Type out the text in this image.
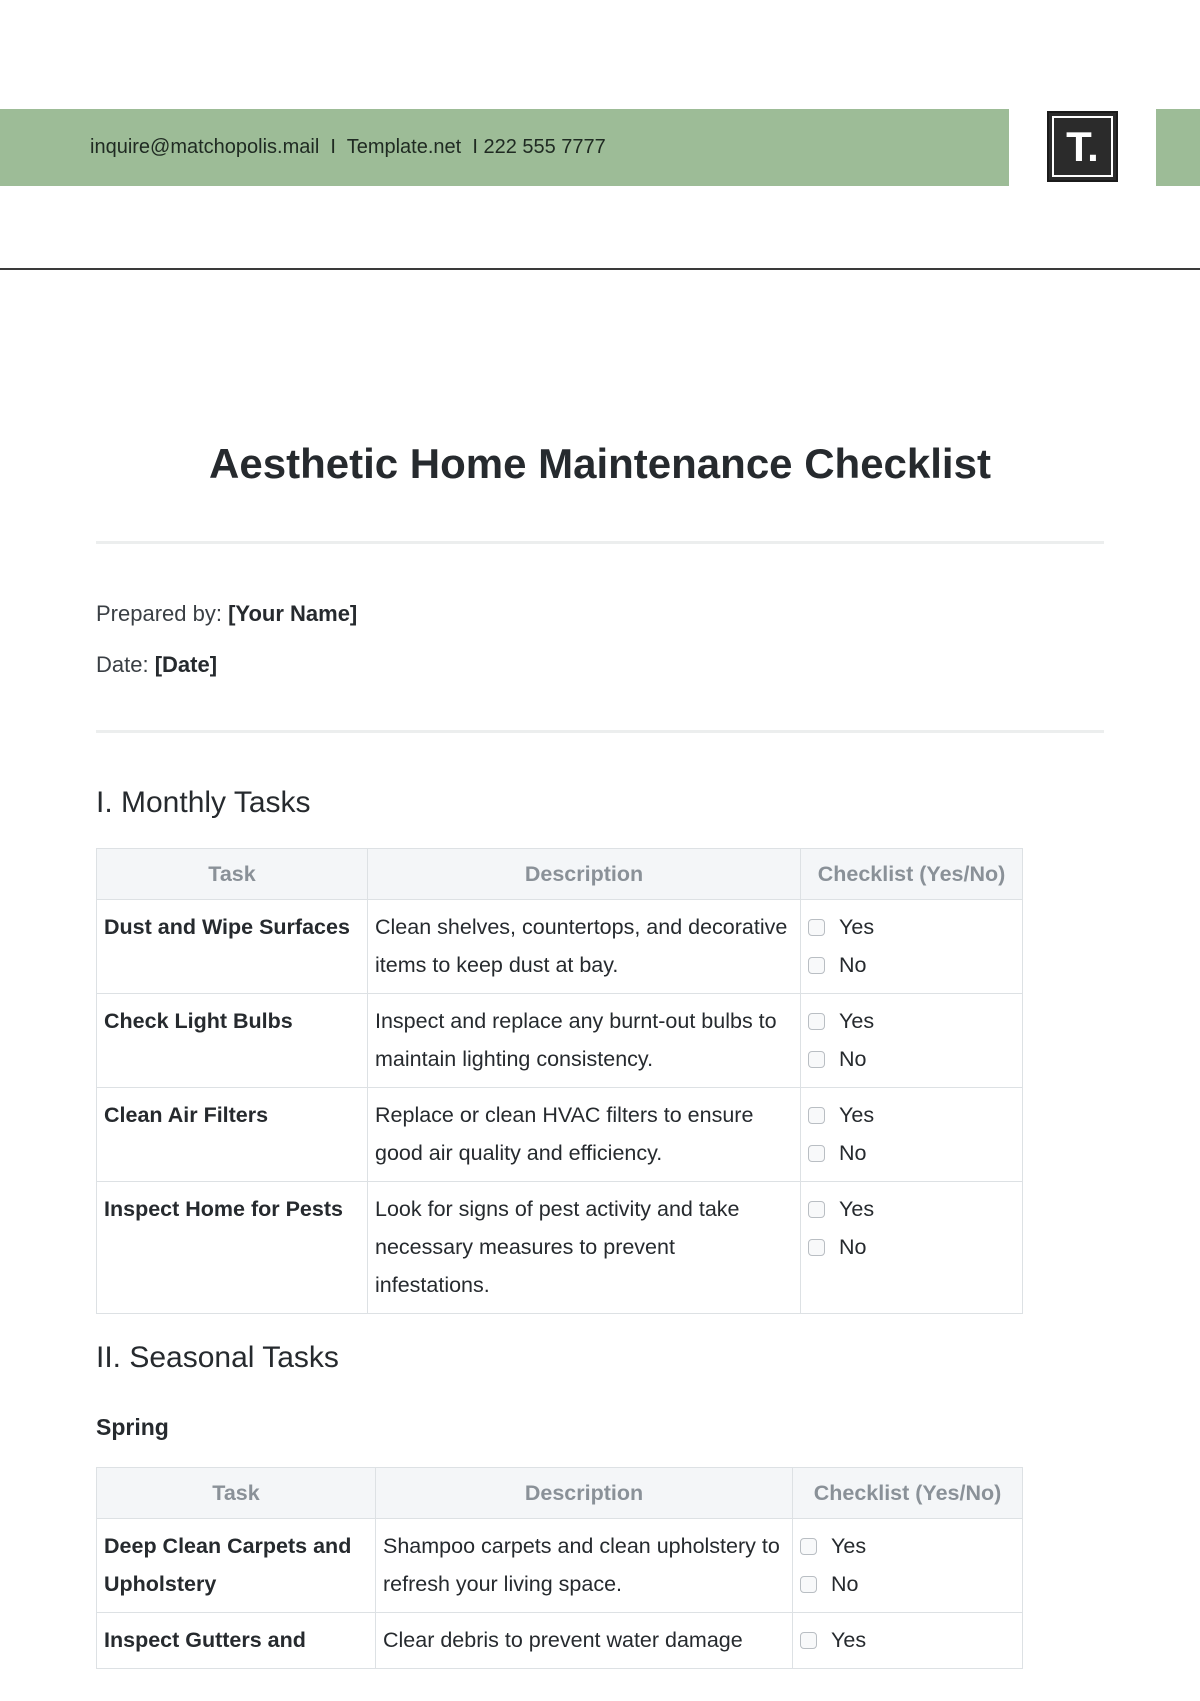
inquire@matchopolis.mail  I  Template.net  I 222 555 7777	T.
Aesthetic Home Maintenance Checklist
Prepared by: [Your Name]
Date: [Date]
I. Monthly Tasks
Task	Description	Checklist (Yes/No)
Dust and Wipe Surfaces	Clean shelves, countertops, and decorative items to keep dust at bay.	Yes
No

Check Light Bulbs	Inspect and replace any burnt-out bulbs to maintain lighting consistency.	Yes
No

Clean Air Filters	Replace or clean HVAC filters to ensure good air quality and efficiency.	Yes
No

Inspect Home for Pests	Look for signs of pest activity and take necessary measures to prevent infestations.	Yes
No
II. Seasonal Tasks
Spring
Task	Description	Checklist (Yes/No)
Deep Clean Carpets and Upholstery	Shampoo carpets and clean upholstery to refresh your living space.	Yes
No

Inspect Gutters and	Clear debris to prevent water damage	Yes
